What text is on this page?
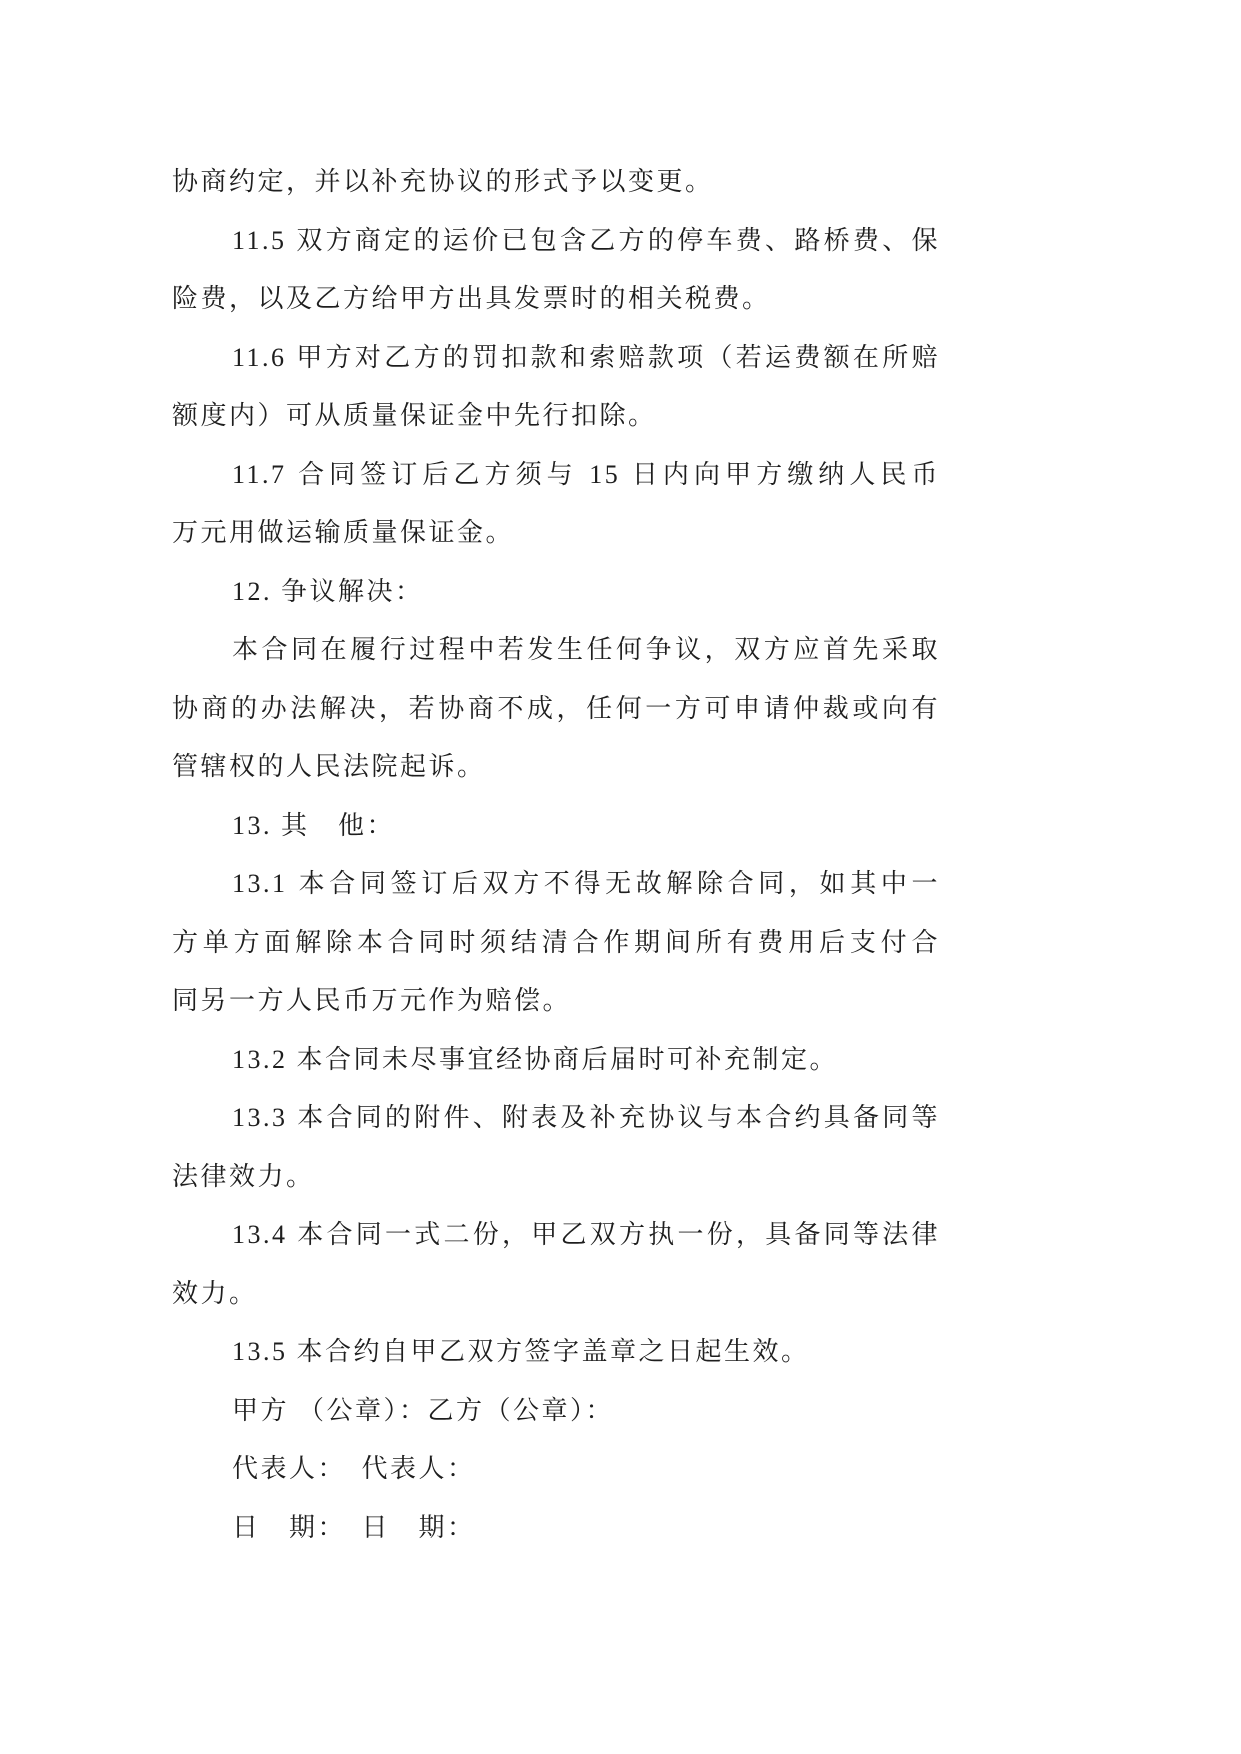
协商约定，并以补充协议的形式予以变更。
11.5 双方商定的运价已包含乙方的停车费、路桥费、保
险费，以及乙方给甲方出具发票时的相关税费。
11.6 甲方对乙方的罚扣款和索赔款项（若运费额在所赔
额度内）可从质量保证金中先行扣除。
11.7 合同签订后乙方须与 15 日内向甲方缴纳人民币
万元用做运输质量保证金。
12. 争议解决：
本合同在履行过程中若发生任何争议，双方应首先采取
协商的办法解决，若协商不成，任何一方可申请仲裁或向有
管辖权的人民法院起诉。
13. 其　他：
13.1 本合同签订后双方不得无故解除合同，如其中一
方单方面解除本合同时须结清合作期间所有费用后支付合
同另一方人民币万元作为赔偿。
13.2 本合同未尽事宜经协商后届时可补充制定。
13.3 本合同的附件、附表及补充协议与本合约具备同等
法律效力。
13.4 本合同一式二份，甲乙双方执一份，具备同等法律
效力。
13.5 本合约自甲乙双方签字盖章之日起生效。
甲方 （公章）：乙方（公章）：
代表人：　代表人：
日　期：　日　期：
